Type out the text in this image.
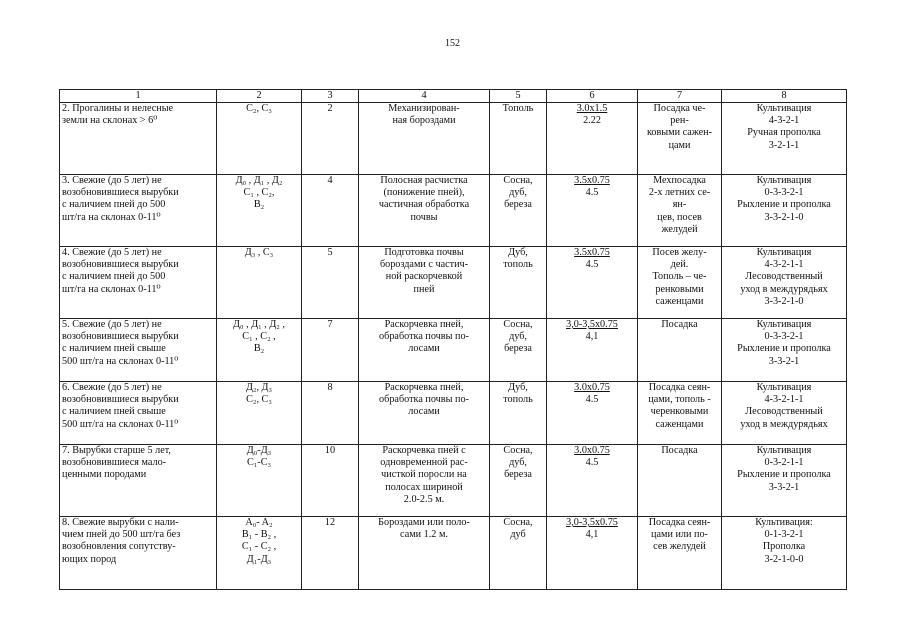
152
1	2	3	4	5	6	7	8

2. Прогалины и нелесные
земли на склонах > 6⁰	C₂, C₃	2	Механизирован-
ная бороздами	Тополь	3.0x1.5
2.22	Посадка че-
рен-
ковыми сажен-
цами	Культивация
4-3-2-1
Ручная прополка
3-2-1-1

3. Свежие (до 5 лет) не
возобновившиеся вырубки
с наличием пней до 500
шт/га на склонах 0-11⁰	Д₀ , Д₁ , Д₂
C₁ , C₂,
B₂	4	Полосная расчистка
(понижение пней),
частичная обработка
почвы	Сосна,
дуб,
береза	3.5x0.75
4.5	Мехпосадка
2-х летних се-
ян-
цев, посев
желудей	Культивация
0-3-3-2-1
Рыхление и прополка
3-3-2-1-0

4. Свежие (до 5 лет) не
возобновившиеся вырубки
с наличием пней до 500
шт/га на склонах 0-11⁰	Д₃ , C₃	5	Подготовка почвы
бороздами с частич-
ной раскорчевкой
пней	Дуб,
тополь	3.5x0.75
4.5	Посев желу-
дей.
Тополь – че-
ренковыми
саженцами	Культивация
4-3-2-1-1
Лесоводственный
уход в междурядьях
3-3-2-1-0

5. Свежие (до 5 лет) не
возобновившиеся вырубки
с наличием пней свыше
500 шт/га на склонах 0-11⁰	Д₀ , Д₁ , Д₂ ,
C₁ , C₂ ,
B₂	7	Раскорчевка пней,
обработка почвы по-
лосами	Сосна,
дуб,
береза	3,0-3,5x0.75
4,1	Посадка	Культивация
0-3-3-2-1
Рыхление и прополка
3-3-2-1

6. Свежие (до 5 лет) не
возобновившиеся вырубки
с наличием пней свыше
500 шт/га на склонах 0-11⁰	Д₂, Д₃
C₂, C₃	8	Раскорчевка пней,
обработка почвы по-
лосами	Дуб,
тополь	3.0x0.75
4.5	Посадка сеян-
цами, тополь -
черенковыми
саженцами	Культивация
4-3-2-1-1
Лесоводственный
уход в междурядьях

7. Вырубки старше 5 лет,
возобновившиеся мало-
ценными породами	Д₀-Д₃
C₁-C₃	10	Раскорчевка пней с
одновременной рас-
чисткой поросли на
полосах шириной
2.0-2.5 м.	Сосна,
дуб,
береза	3.0x0.75
4.5	Посадка	Культивация
0-3-2-1-1
Рыхление и прополка
3-3-2-1

8. Свежие вырубки с нали-
чием пней до 500 шт/га без
возобновления сопутству-
ющих пород	A₀- A₂
B₁ - B₂ ,
C₁ - C₂ ,
Д₁-Д₃	12	Бороздами или поло-
сами 1.2 м.	Сосна,
дуб	3,0-3,5x0.75
4,1	Посадка сеян-
цами или по-
сев желудей	Культивация:
0-1-3-2-1
Прополка
3-2-1-0-0
